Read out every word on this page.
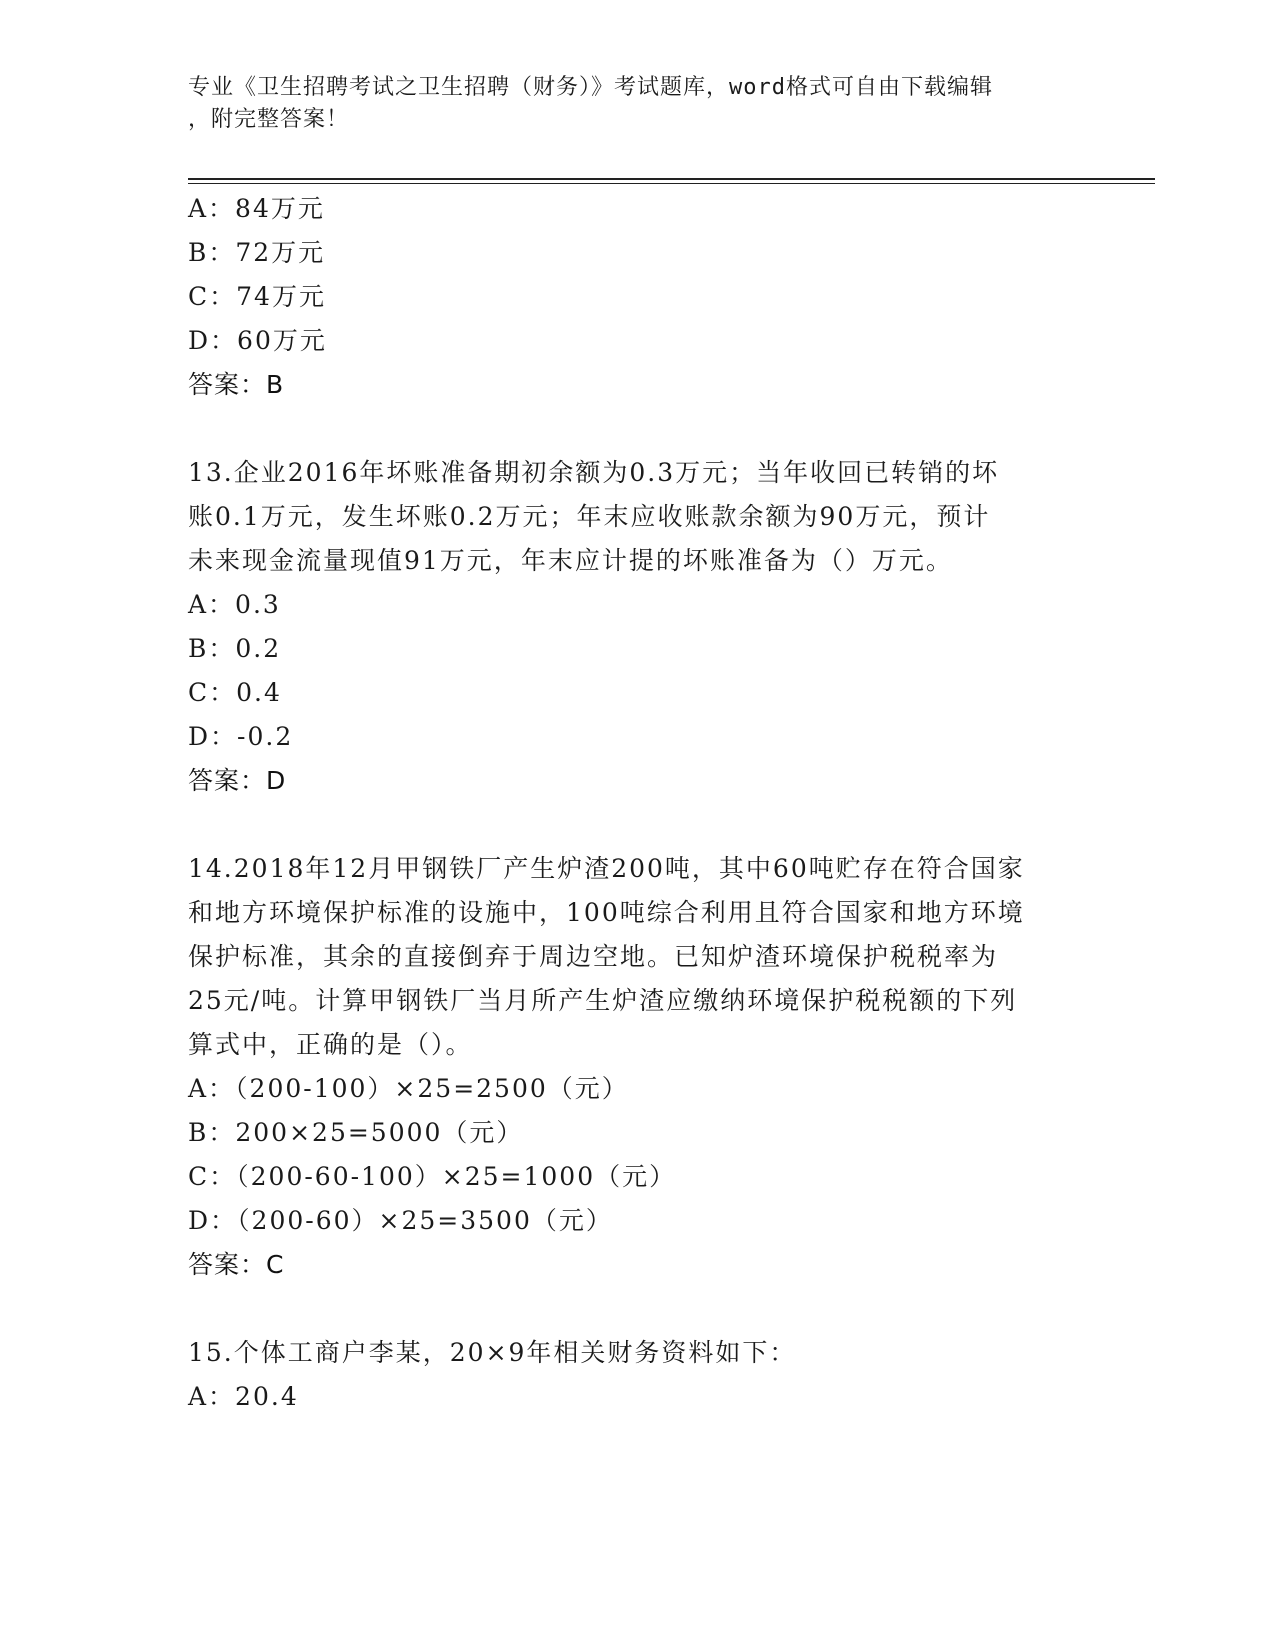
专业《卫生招聘考试之卫生招聘（财务）》考试题库，word格式可自由下载编辑
，附完整答案！
A：84万元
B：72万元
C：74万元
D：60万元
答案：B
13.企业2016年坏账准备期初余额为0.3万元；当年收回已转销的坏
账0.1万元，发生坏账0.2万元；年末应收账款余额为90万元，预计
未来现金流量现值91万元，年末应计提的坏账准备为（）万元。
A：0.3
B：0.2
C：0.4
D：-0.2
答案：D
14.2018年12月甲钢铁厂产生炉渣200吨，其中60吨贮存在符合国家
和地方环境保护标准的设施中，100吨综合利用且符合国家和地方环境
保护标准，其余的直接倒弃于周边空地。已知炉渣环境保护税税率为
25元/吨。计算甲钢铁厂当月所产生炉渣应缴纳环境保护税税额的下列
算式中，正确的是（）。
A：（200-100）×25=2500（元）
B：200×25=5000（元）
C：（200-60-100）×25=1000（元）
D：（200-60）×25=3500（元）
答案：C
15.个体工商户李某，20×9年相关财务资料如下：
A：20.4
